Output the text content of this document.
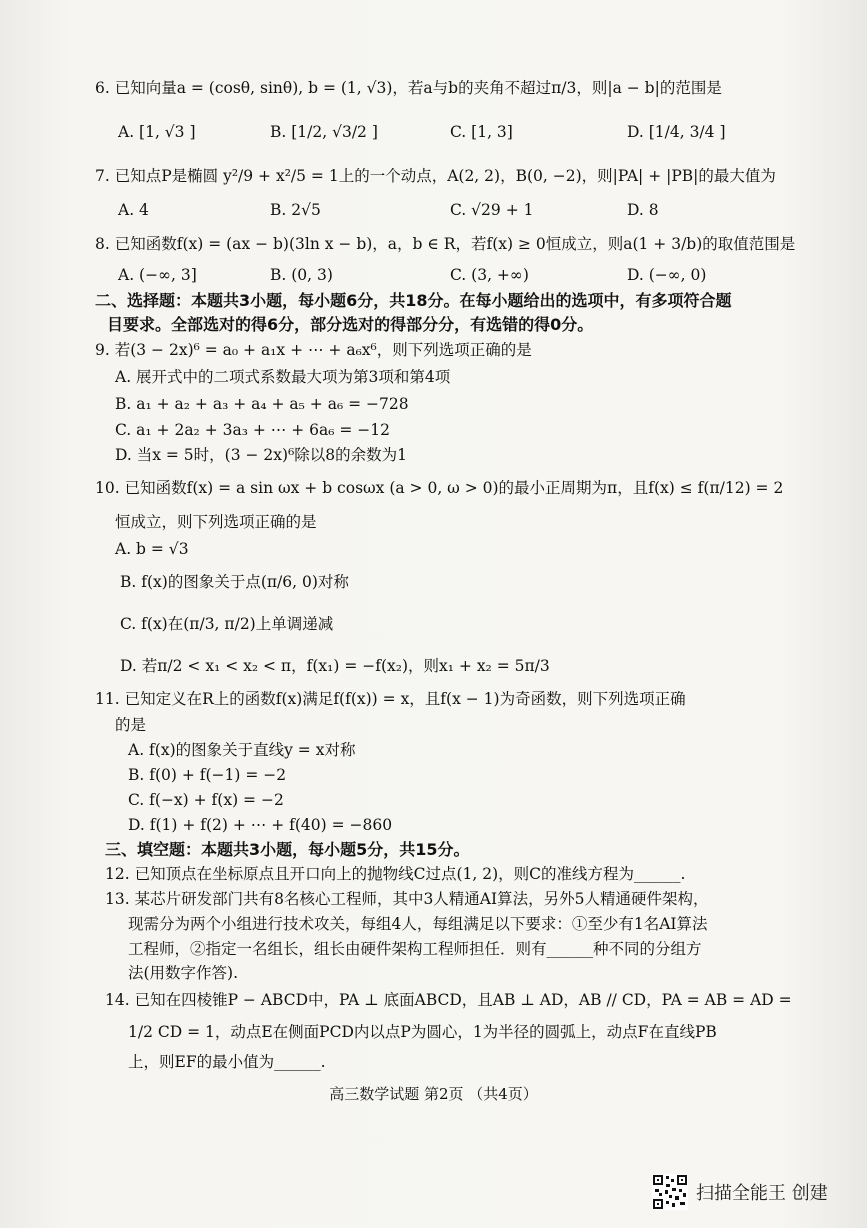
6. 已知向量a = (cosθ, sinθ), b = (1, √3)，若a与b的夹角不超过π/3，则|a − b|的范围是
A. [1, √3 ]	B. [1/2, √3/2 ]	C. [1, 3]	D. [1/4, 3/4 ]
7. 已知点P是椭圆 y²/9 + x²/5 = 1上的一个动点，A(2, 2)，B(0, −2)，则|PA| + |PB|的最大值为
A. 4	B. 2√5	C. √29 + 1	D. 8
8. 已知函数f(x) = (ax − b)(3ln x − b)，a，b ∈ R，若f(x) ≥ 0恒成立，则a(1 + 3/b)的取值范围是
A. (−∞, 3]	B. (0, 3)	C. (3, +∞)	D. (−∞, 0)
二、选择题：本题共3小题，每小题6分，共18分。在每小题给出的选项中，有多项符合题
目要求。全部选对的得6分，部分选对的得部分分，有选错的得0分。
9. 若(3 − 2x)⁶ = a₀ + a₁x + ⋯ + a₆x⁶，则下列选项正确的是
A. 展开式中的二项式系数最大项为第3项和第4项
B. a₁ + a₂ + a₃ + a₄ + a₅ + a₆ = −728
C. a₁ + 2a₂ + 3a₃ + ⋯ + 6a₆ = −12
D. 当x = 5时，(3 − 2x)⁶除以8的余数为1
10. 已知函数f(x) = a sin ωx + b cosωx (a > 0, ω > 0)的最小正周期为π，且f(x) ≤ f(π/12) = 2
恒成立，则下列选项正确的是
A. b = √3
B. f(x)的图象关于点(π/6, 0)对称
C. f(x)在(π/3, π/2)上单调递减
D. 若π/2 < x₁ < x₂ < π，f(x₁) = −f(x₂)，则x₁ + x₂ = 5π/3
11. 已知定义在R上的函数f(x)满足f(f(x)) = x，且f(x − 1)为奇函数，则下列选项正确
的是
A. f(x)的图象关于直线y = x对称
B. f(0) + f(−1) = −2
C. f(−x) + f(x) = −2
D. f(1) + f(2) + ⋯ + f(40) = −860
三、填空题：本题共3小题，每小题5分，共15分。
12. 已知顶点在坐标原点且开口向上的抛物线C过点(1, 2)，则C的准线方程为______.
13. 某芯片研发部门共有8名核心工程师，其中3人精通AI算法，另外5人精通硬件架构，
现需分为两个小组进行技术攻关，每组4人，每组满足以下要求：①至少有1名AI算法
工程师，②指定一名组长，组长由硬件架构工程师担任．则有______种不同的分组方
法(用数字作答).
14. 已知在四棱锥P − ABCD中，PA ⊥ 底面ABCD，且AB ⊥ AD，AB // CD，PA = AB = AD =
1/2 CD = 1，动点E在侧面PCD内以点P为圆心，1为半径的圆弧上，动点F在直线PB
上，则EF的最小值为______.
高三数学试题 第2页 （共4页）
扫描全能王 创建
